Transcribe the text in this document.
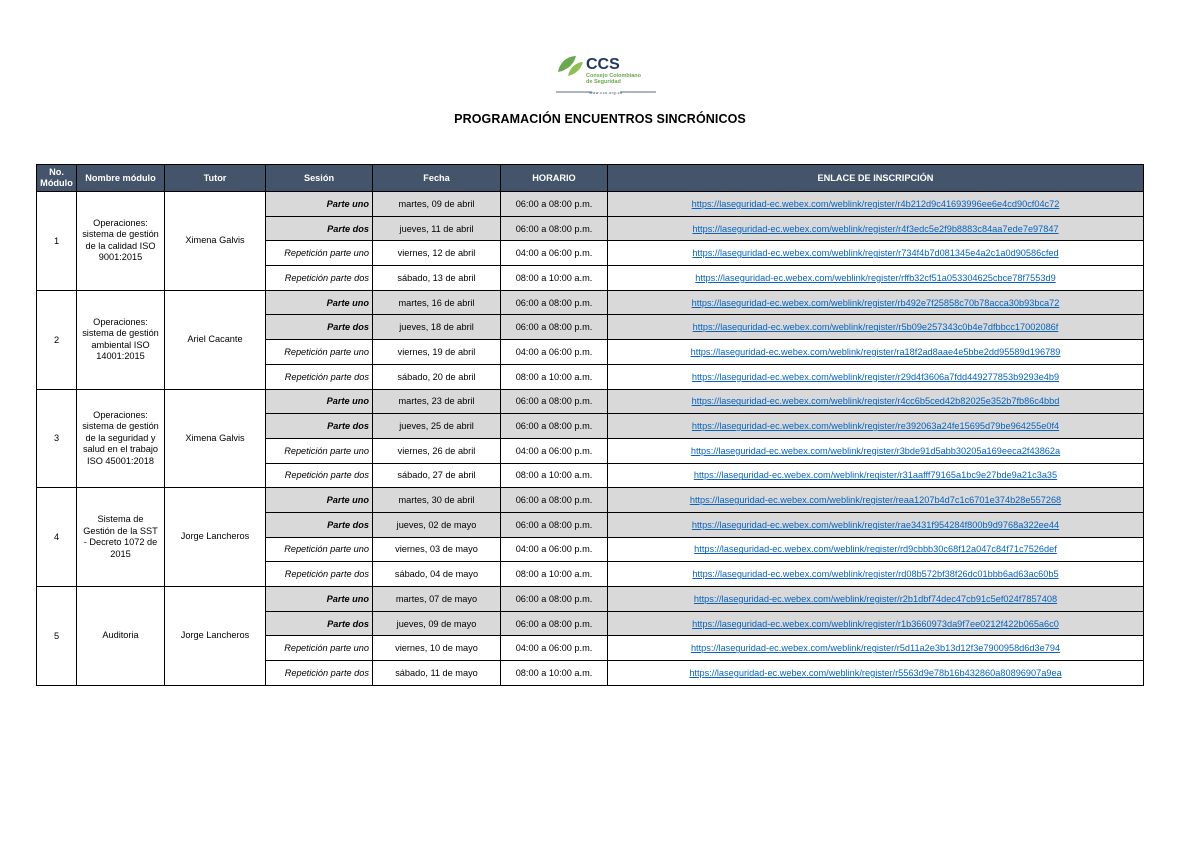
CCS
Consejo Colombiano
de Seguridad
www.ccs.org.co
PROGRAMACIÓN ENCUENTROS SINCRÓNICOS
No. Módulo	Nombre módulo	Tutor	Sesión	Fecha	HORARIO	ENLACE DE INSCRIPCIÓN
1	Operaciones: sistema de gestión de la calidad ISO 9001:2015	Ximena Galvis	Parte uno	martes, 09 de abril	06:00 a 08:00 p.m.	https://laseguridad-ec.webex.com/weblink/register/r4b212d9c41693996ee6e4cd90cf04c72
			Parte dos	jueves, 11 de abril	06:00 a 08:00 p.m.	https://laseguridad-ec.webex.com/weblink/register/r4f3edc5e2f9b8883c84aa7ede7e97847
			Repetición parte uno	viernes, 12 de abril	04:00 a 06:00 p.m.	https://laseguridad-ec.webex.com/weblink/register/r734f4b7d081345e4a2c1a0d90586cfed
			Repetición parte dos	sábado, 13 de abril	08:00 a 10:00 a.m.	https://laseguridad-ec.webex.com/weblink/register/rffb32cf51a053304625cbce78f7553d9
2	Operaciones: sistema de gestión ambiental ISO 14001:2015	Ariel Cacante	Parte uno	martes, 16 de abril	06:00 a 08:00 p.m.	https://laseguridad-ec.webex.com/weblink/register/rb492e7f25858c70b78acca30b93bca72
			Parte dos	jueves, 18 de abril	06:00 a 08:00 p.m.	https://laseguridad-ec.webex.com/weblink/register/r5b09e257343c0b4e7dfbbcc17002086f
			Repetición parte uno	viernes, 19 de abril	04:00 a 06:00 p.m.	https://laseguridad-ec.webex.com/weblink/register/ra18f2ad8aae4e5bbe2dd95589d196789
			Repetición parte dos	sábado, 20 de abril	08:00 a 10:00 a.m.	https://laseguridad-ec.webex.com/weblink/register/r29d4f3606a7fdd449277853b9293e4b9
3	Operaciones: sistema de gestión de la seguridad y salud en el trabajo ISO 45001:2018	Ximena Galvis	Parte uno	martes, 23 de abril	06:00 a 08:00 p.m.	https://laseguridad-ec.webex.com/weblink/register/r4cc6b5ced42b82025e352b7fb86c4bbd
			Parte dos	jueves, 25 de abril	06:00 a 08:00 p.m.	https://laseguridad-ec.webex.com/weblink/register/re392063a24fe15695d79be964255e0f4
			Repetición parte uno	viernes, 26 de abril	04:00 a 06:00 p.m.	https://laseguridad-ec.webex.com/weblink/register/r3bde91d5abb30205a169eeca2f43862a
			Repetición parte dos	sábado, 27 de abril	08:00 a 10:00 a.m.	https://laseguridad-ec.webex.com/weblink/register/r31aafff79165a1bc9e27bde9a21c3a35
4	Sistema de Gestión de la SST - Decreto 1072 de 2015	Jorge Lancheros	Parte uno	martes, 30 de abril	06:00 a 08:00 p.m.	https://laseguridad-ec.webex.com/weblink/register/reaa1207b4d7c1c6701e374b28e557268
			Parte dos	jueves, 02 de mayo	06:00 a 08:00 p.m.	https://laseguridad-ec.webex.com/weblink/register/rae3431f954284f800b9d9768a322ee44
			Repetición parte uno	viernes, 03 de mayo	04:00 a 06:00 p.m.	https://laseguridad-ec.webex.com/weblink/register/rd9cbbb30c68f12a047c84f71c7526def
			Repetición parte dos	sábado, 04 de mayo	08:00 a 10:00 a.m.	https://laseguridad-ec.webex.com/weblink/register/rd08b572bf38f26dc01bbb6ad63ac60b5
5	Auditoria	Jorge Lancheros	Parte uno	martes, 07 de mayo	06:00 a 08:00 p.m.	https://laseguridad-ec.webex.com/weblink/register/r2b1dbf74dec47cb91c5ef024f7857408
			Parte dos	jueves, 09 de mayo	06:00 a 08:00 p.m.	https://laseguridad-ec.webex.com/weblink/register/r1b3660973da9f7ee0212f422b065a6c0
			Repetición parte uno	viernes, 10 de mayo	04:00 a 06:00 p.m.	https://laseguridad-ec.webex.com/weblink/register/r5d11a2e3b13d12f3e7900958d6d3e794
			Repetición parte dos	sábado, 11 de mayo	08:00 a 10:00 a.m.	https://laseguridad-ec.webex.com/weblink/register/r5563d9e78b16b432860a80896907a9ea
